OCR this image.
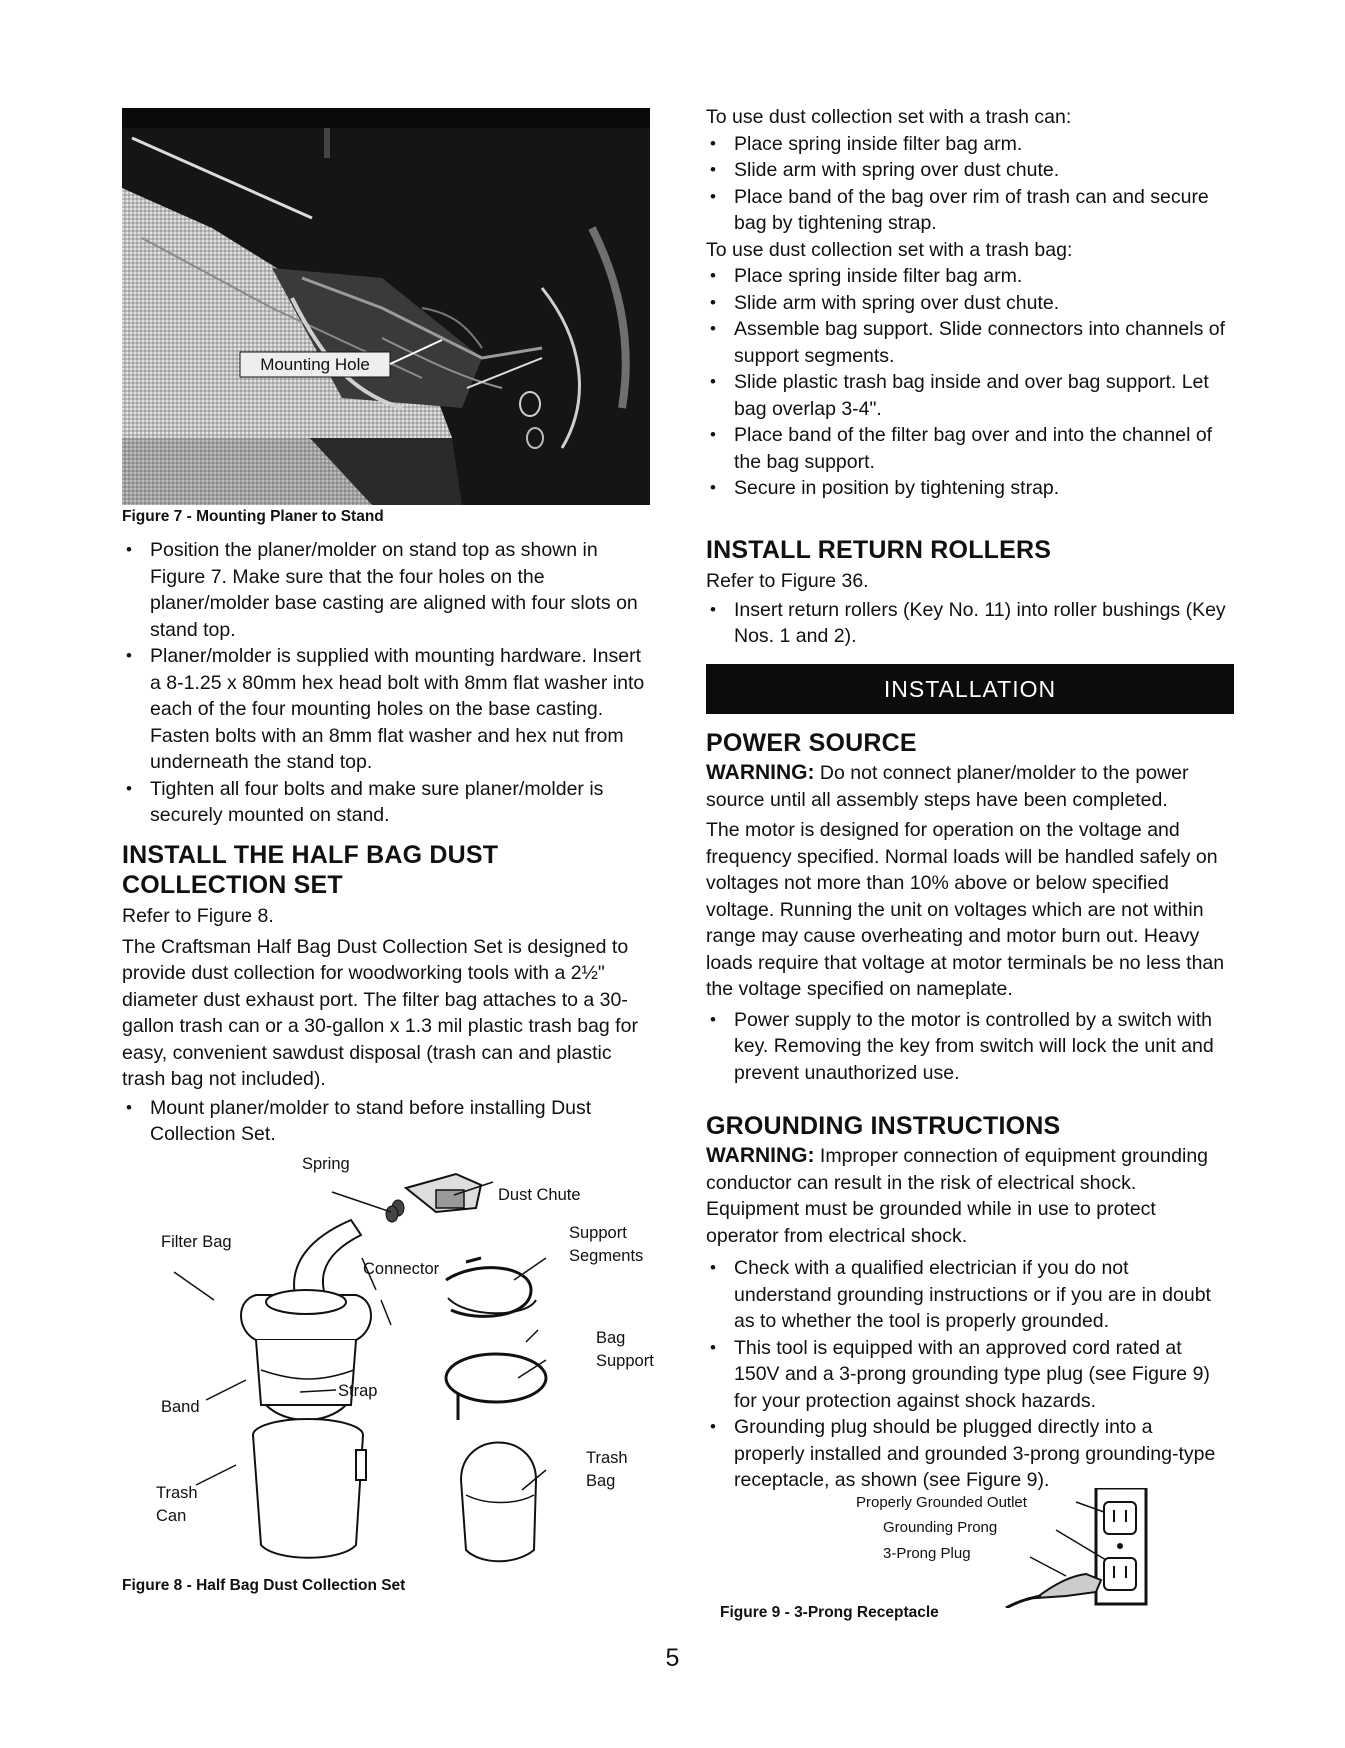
Mounting Hole
Figure 7 - Mounting Planer to Stand
• Position the planer/molder on stand top as shown in Figure 7. Make sure that the four holes on the planer/molder base casting are aligned with four slots on stand top.
• Planer/molder is supplied with mounting hardware. Insert a 8-1.25 x 80mm hex head bolt with 8mm flat washer into each of the four mounting holes on the base casting. Fasten bolts with an 8mm flat washer and hex nut from underneath the stand top.
• Tighten all four bolts and make sure planer/molder is securely mounted on stand.
INSTALL THE HALF BAG DUST
COLLECTION SET

Refer to Figure 8.

The Craftsman Half Bag Dust Collection Set is designed to provide dust collection for woodworking tools with a 2½" diameter dust exhaust port. The filter bag attaches to a 30-gallon trash can or a 30-gallon x 1.3 mil plastic trash bag for easy, convenient sawdust disposal (trash can and plastic trash bag not included).

• Mount planer/molder to stand before installing Dust Collection Set.
Spring
Dust Chute
Filter Bag	Support
Segments
Connector
Bag
Support
Band
Strap
Trash
Bag
Trash
Can
Figure 8 - Half Bag Dust Collection Set

To use dust collection set with a trash can:

• Place spring inside filter bag arm.
• Slide arm with spring over dust chute.
• Place band of the bag over rim of trash can and secure bag by tightening strap.

To use dust collection set with a trash bag:

• Place spring inside filter bag arm.
• Slide arm with spring over dust chute.
• Assemble bag support. Slide connectors into channels of support segments.
• Slide plastic trash bag inside and over bag support. Let bag overlap 3-4".
• Place band of the filter bag over and into the channel of the bag support.
• Secure in position by tightening strap.
INSTALL RETURN ROLLERS

Refer to Figure 36.

• Insert return rollers (Key No. 11) into roller bushings (Key Nos. 1 and 2).
INSTALLATION
POWER SOURCE

WARNING: Do not connect planer/molder to the power source until all assembly steps have been completed.

The motor is designed for operation on the voltage and frequency specified. Normal loads will be handled safely on voltages not more than 10% above or below specified voltage. Running the unit on voltages which are not within range may cause overheating and motor burn out. Heavy loads require that voltage at motor terminals be no less than the voltage specified on nameplate.

• Power supply to the motor is controlled by a switch with key. Removing the key from switch will lock the unit and prevent unauthorized use.
GROUNDING INSTRUCTIONS

WARNING: Improper connection of equipment grounding conductor can result in the risk of electrical shock. Equipment must be grounded while in use to protect operator from electrical shock.

• Check with a qualified electrician if you do not understand grounding instructions or if you are in doubt as to whether the tool is properly grounded.
• This tool is equipped with an approved cord rated at 150V and a 3-prong grounding type plug (see Figure 9) for your protection against shock hazards.
• Grounding plug should be plugged directly into a properly installed and grounded 3-prong grounding-type receptacle, as shown (see Figure 9).
Properly Grounded Outlet
Grounding Prong
3-Prong Plug
Figure 9 - 3-Prong Receptacle
5
